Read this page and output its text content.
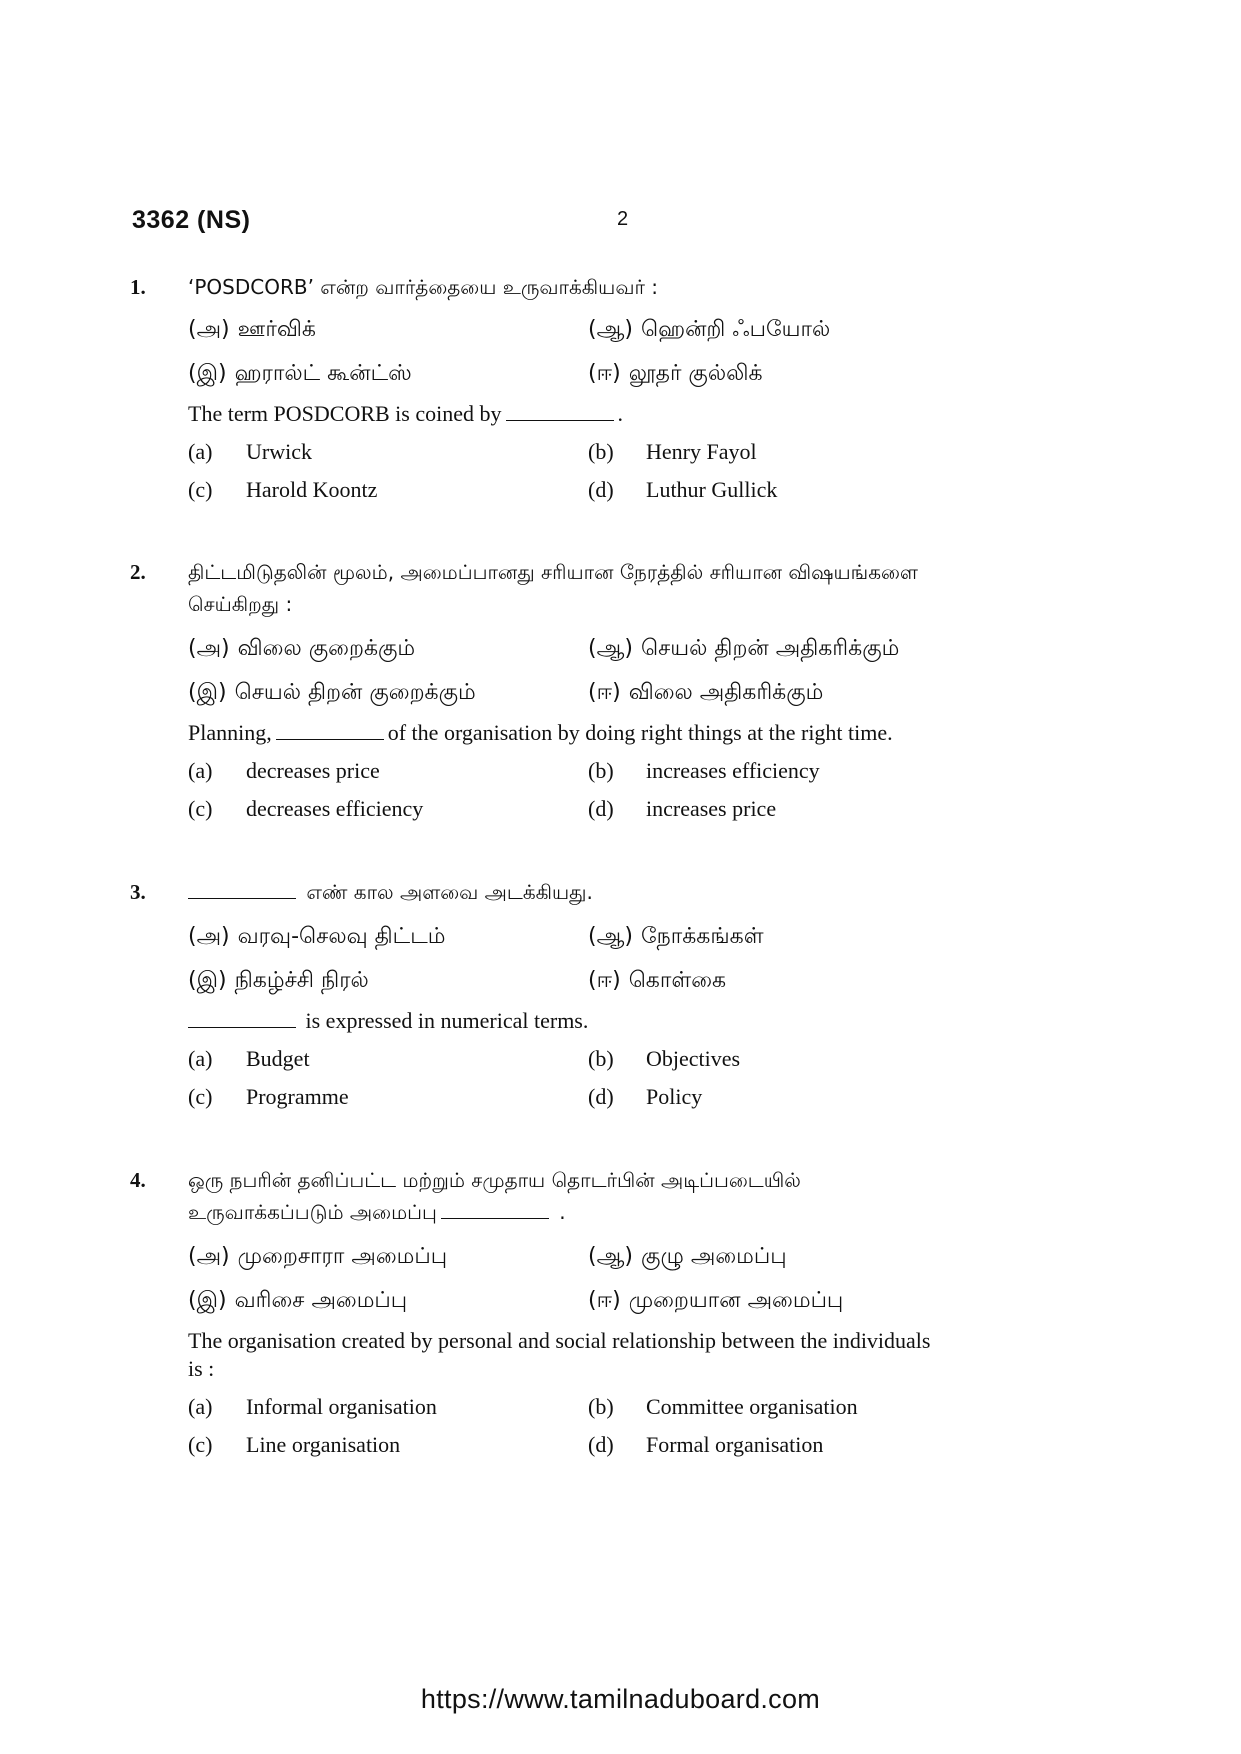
3362 (NS)	2
1. ‘POSDCORB’ என்ற வார்த்தையை உருவாக்கியவர் :
(அ) ஊர்விக்	(ஆ) ஹென்றி ஃபயோல்
(இ) ஹரால்ட் கூன்ட்ஸ்	(ஈ) லூதர் குல்லிக்
The term POSDCORB is coined by	.
(a) Urwick	(b) Henry Fayol
(c) Harold Koontz	(d) Luthur Gullick
2. திட்டமிடுதலின் மூலம், அமைப்பானது சரியான நேரத்தில் சரியான விஷயங்களை
செய்கிறது :
(அ) விலை குறைக்கும்	(ஆ) செயல் திறன் அதிகரிக்கும்
(இ) செயல் திறன் குறைக்கும்	(ஈ) விலை அதிகரிக்கும்
Planning,	of the organisation by doing right things at the right time.
(a) decreases price	(b) increases efficiency
(c) decreases efficiency	(d) increases price
3.	எண் கால அளவை அடக்கியது.
(அ) வரவு-செலவு திட்டம்	(ஆ) நோக்கங்கள்
(இ) நிகழ்ச்சி நிரல்	(ஈ) கொள்கை
is expressed in numerical terms.
(a) Budget	(b) Objectives
(c) Programme	(d) Policy
4. ஒரு நபரின் தனிப்பட்ட மற்றும் சமுதாய தொடர்பின் அடிப்படையில்
உருவாக்கப்படும் அமைப்பு	.
(அ) முறைசாரா அமைப்பு	(ஆ) குழு அமைப்பு
(இ) வரிசை அமைப்பு	(ஈ) முறையான அமைப்பு
The organisation created by personal and social relationship between the individuals
is :
(a) Informal organisation	(b) Committee organisation
(c) Line organisation	(d) Formal organisation
https://www.tamilnaduboard.com
